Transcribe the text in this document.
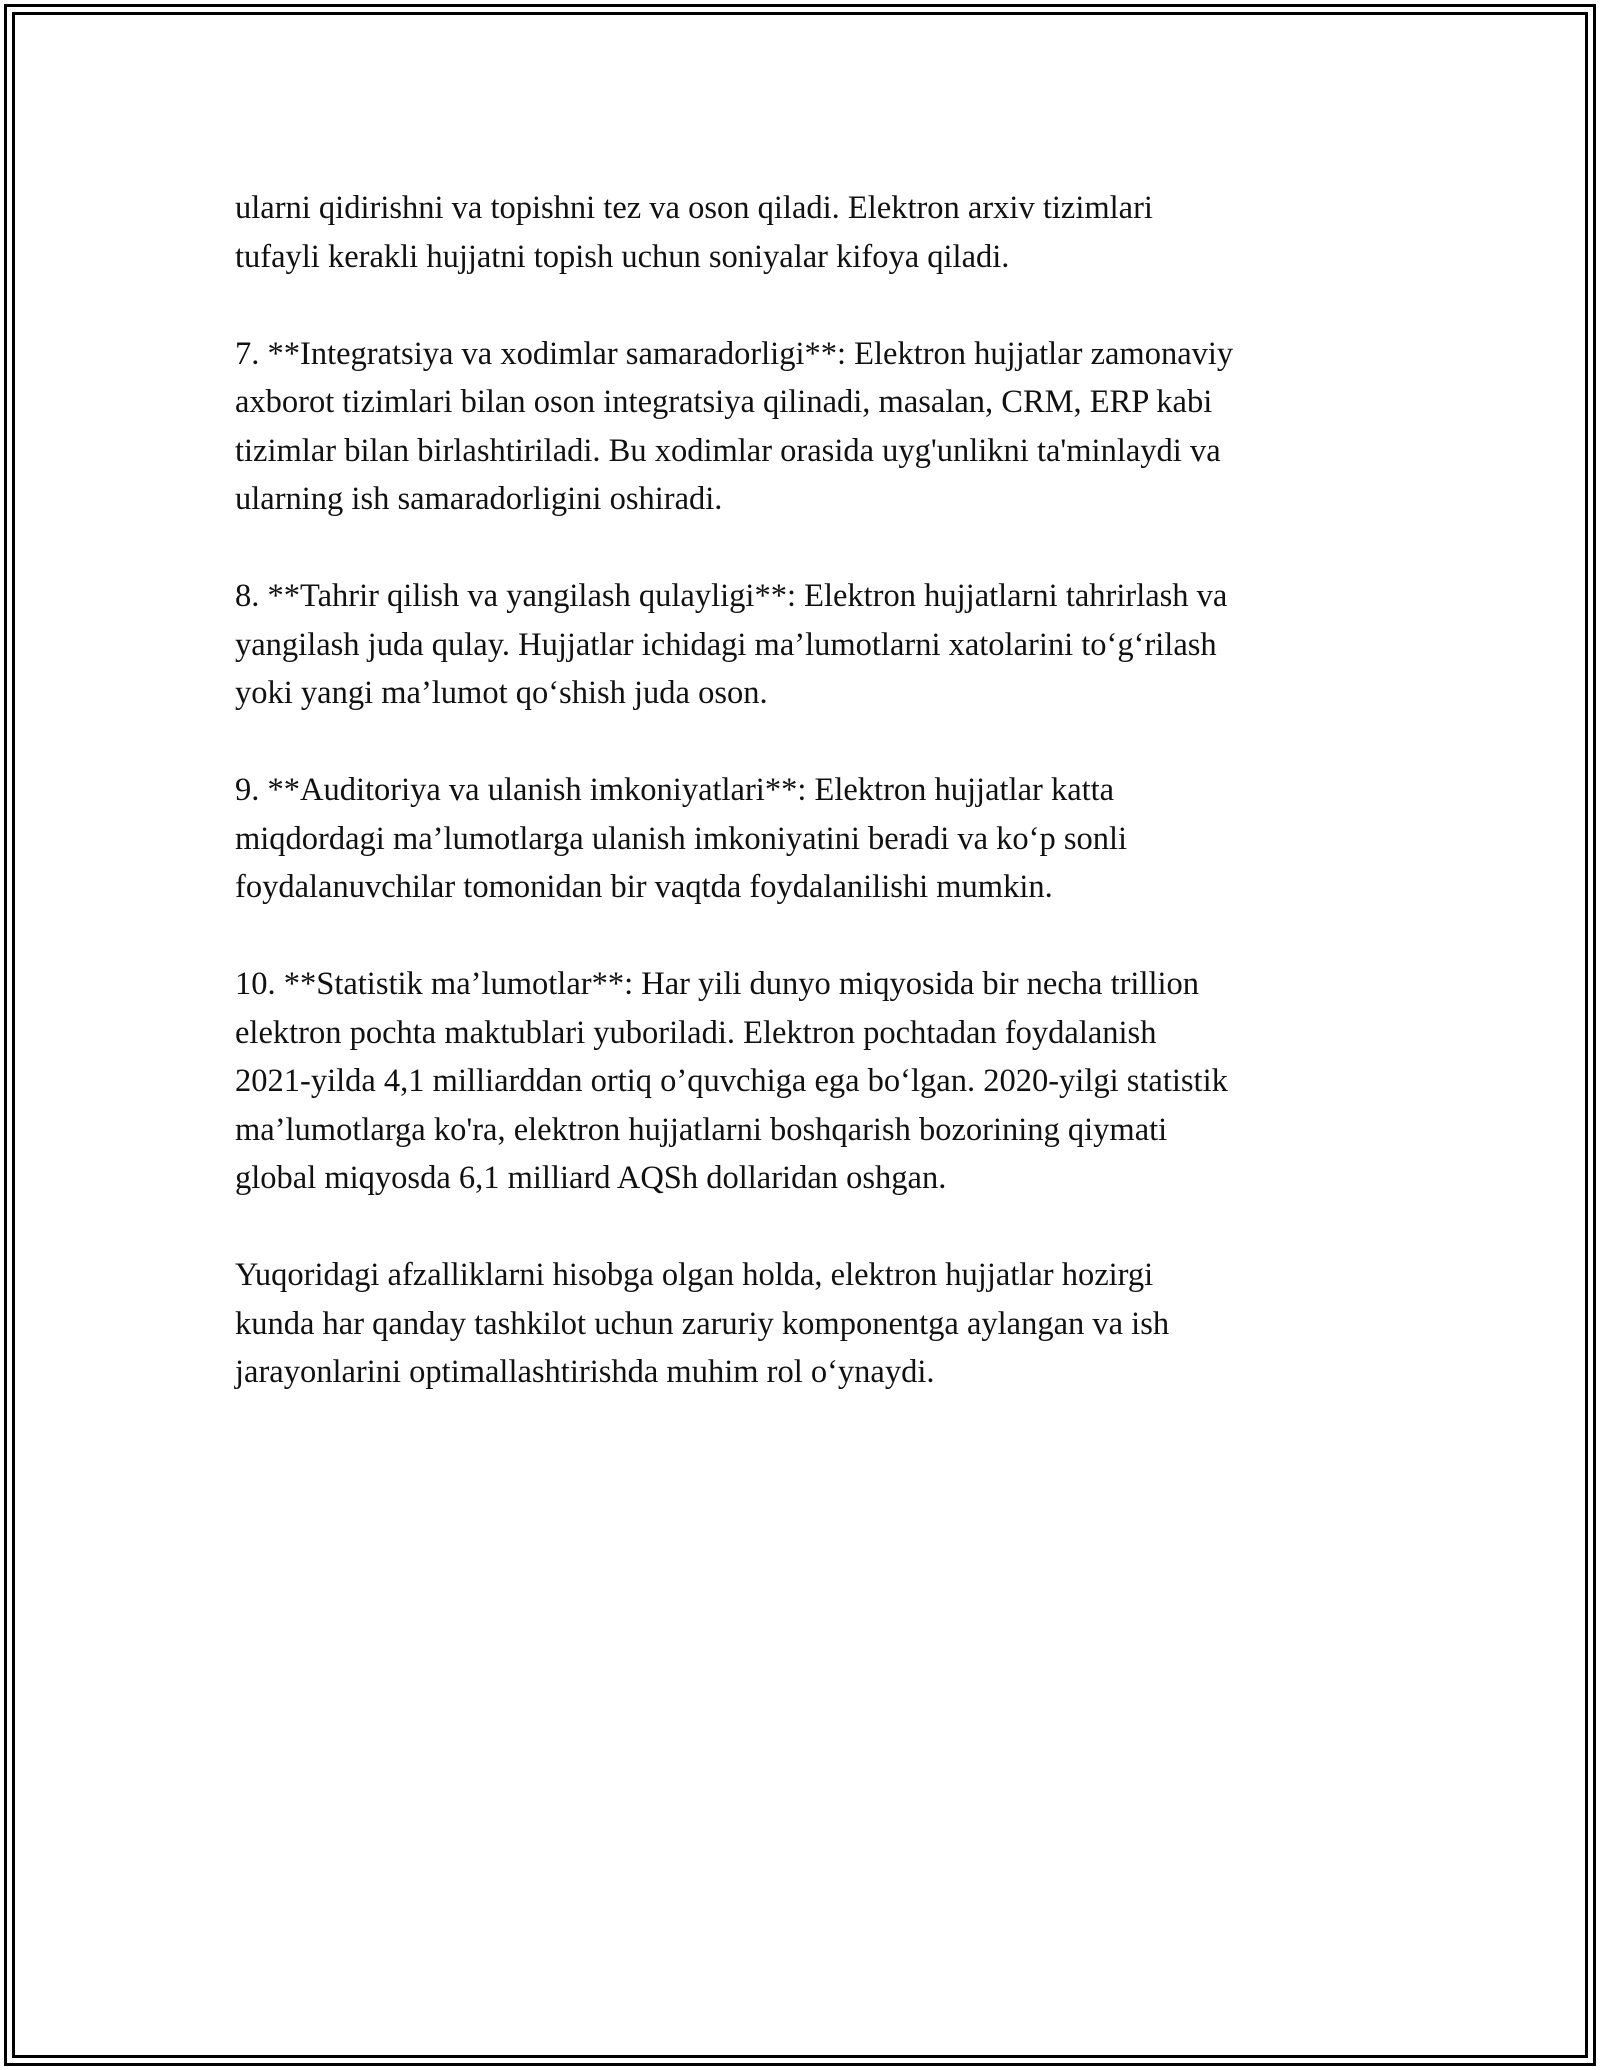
ularni qidirishni va topishni tez va oson qiladi. Elektron arxiv tizimlari
tufayli kerakli hujjatni topish uchun soniyalar kifoya qiladi.

7. **Integratsiya va xodimlar samaradorligi**: Elektron hujjatlar zamonaviy
axborot tizimlari bilan oson integratsiya qilinadi, masalan, CRM, ERP kabi
tizimlar bilan birlashtiriladi. Bu xodimlar orasida uyg'unlikni ta'minlaydi va
ularning ish samaradorligini oshiradi.

8. **Tahrir qilish va yangilash qulayligi**: Elektron hujjatlarni tahrirlash va
yangilash juda qulay. Hujjatlar ichidagi ma’lumotlarni xatolarini to‘g‘rilash
yoki yangi ma’lumot qo‘shish juda oson.

9. **Auditoriya va ulanish imkoniyatlari**: Elektron hujjatlar katta
miqdordagi ma’lumotlarga ulanish imkoniyatini beradi va ko‘p sonli
foydalanuvchilar tomonidan bir vaqtda foydalanilishi mumkin.

10. **Statistik ma’lumotlar**: Har yili dunyo miqyosida bir necha trillion
elektron pochta maktublari yuboriladi. Elektron pochtadan foydalanish
2021-yilda 4,1 milliarddan ortiq o’quvchiga ega bo‘lgan. 2020-yilgi statistik
ma’lumotlarga ko'ra, elektron hujjatlarni boshqarish bozorining qiymati
global miqyosda 6,1 milliard AQSh dollaridan oshgan.

Yuqoridagi afzalliklarni hisobga olgan holda, elektron hujjatlar hozirgi
kunda har qanday tashkilot uchun zaruriy komponentga aylangan va ish
jarayonlarini optimallashtirishda muhim rol o‘ynaydi.
